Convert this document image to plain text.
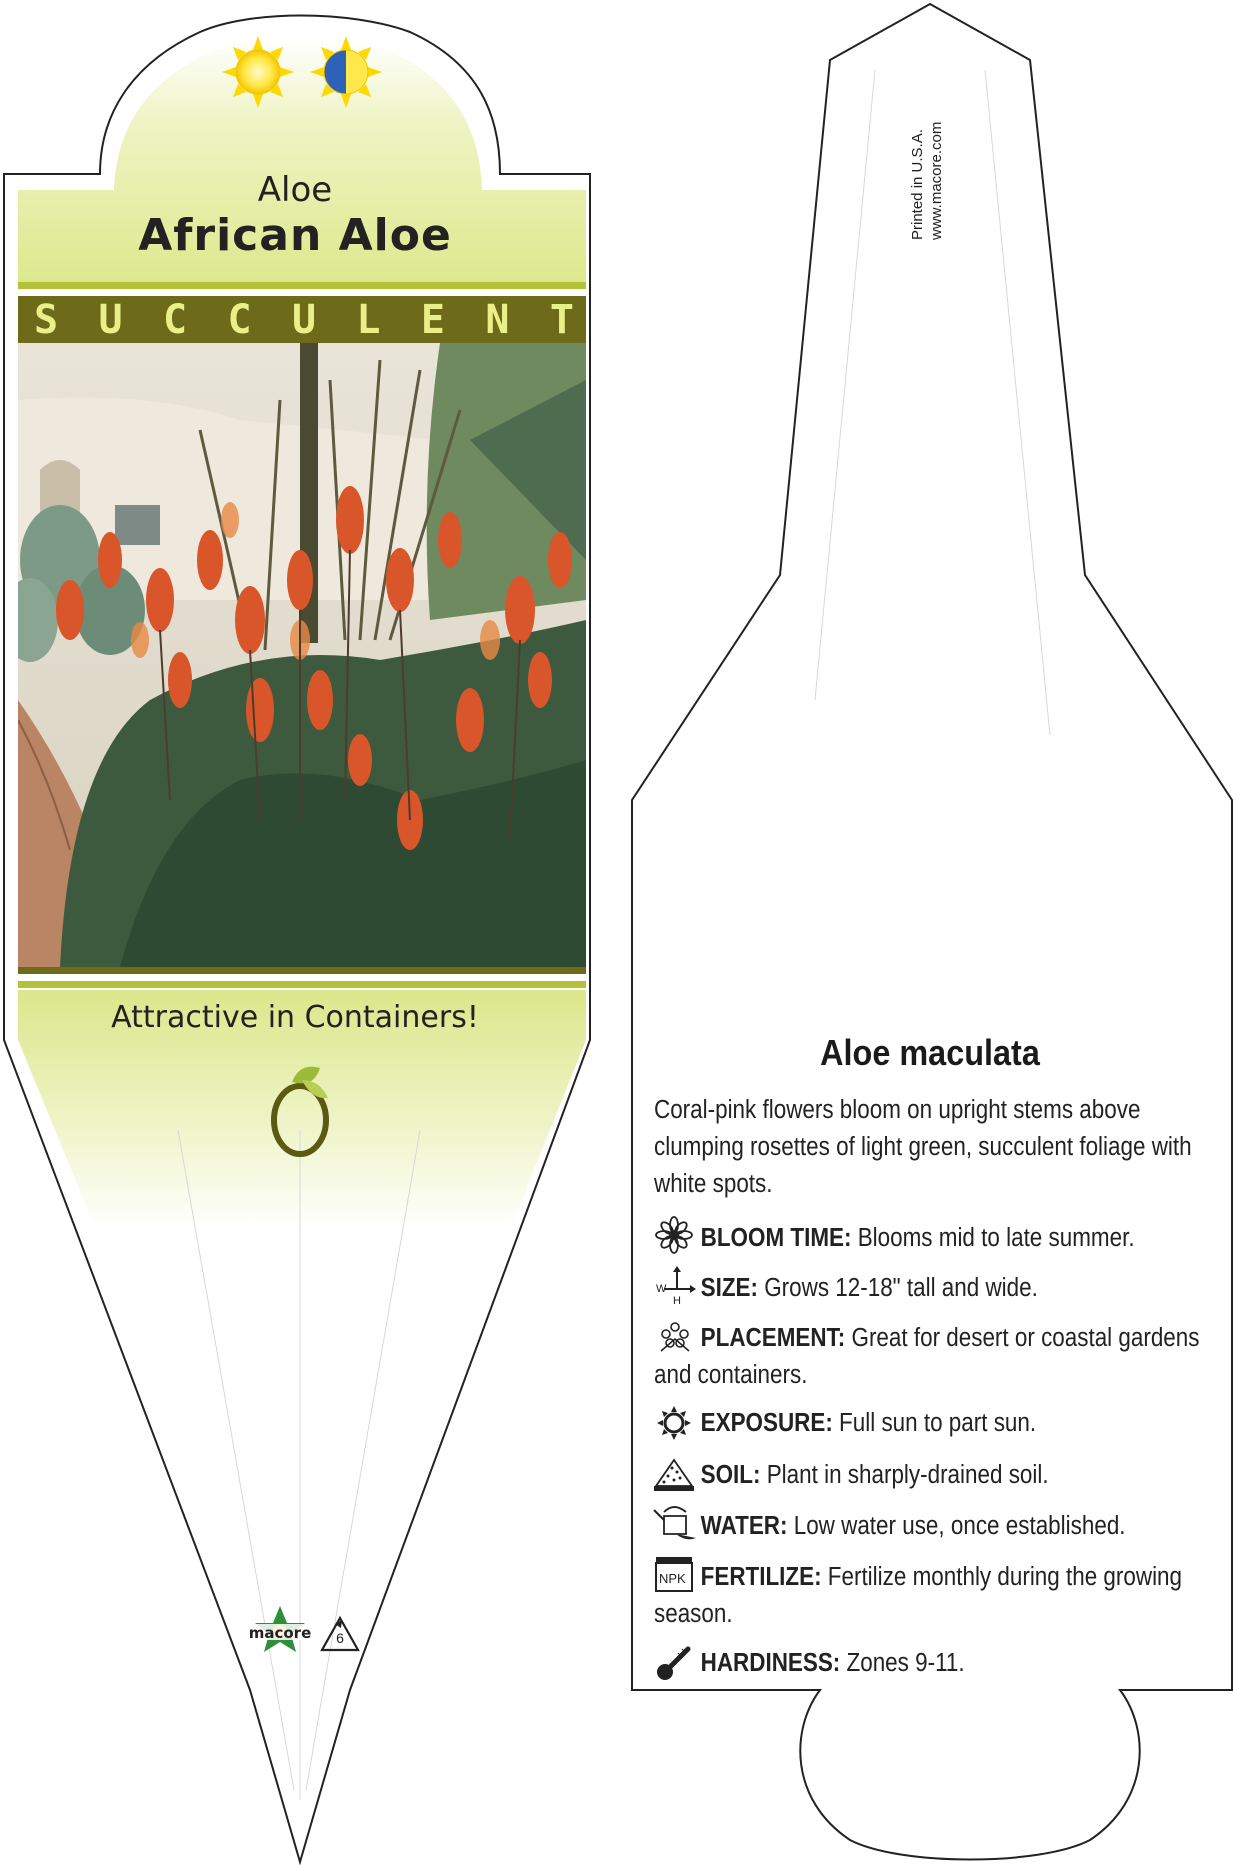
W
H
NPK
Aloe
African Aloe
S U C C U L E N T
Attractive in Containers!
macore 6
Printed in U.S.A. www.macore.com
Aloe maculata
Coral-pink flowers bloom on upright stems above clumping rosettes of light green, succulent foliage with white spots.
BLOOM TIME: Blooms mid to late summer.
SIZE: Grows 12-18" tall and wide.
PLACEMENT: Great for desert or coastal gardens and containers.
EXPOSURE: Full sun to part sun.
SOIL: Plant in sharply-drained soil.
WATER: Low water use, once established.
FERTILIZE: Fertilize monthly during the growing season.
HARDINESS: Zones 9-11.
